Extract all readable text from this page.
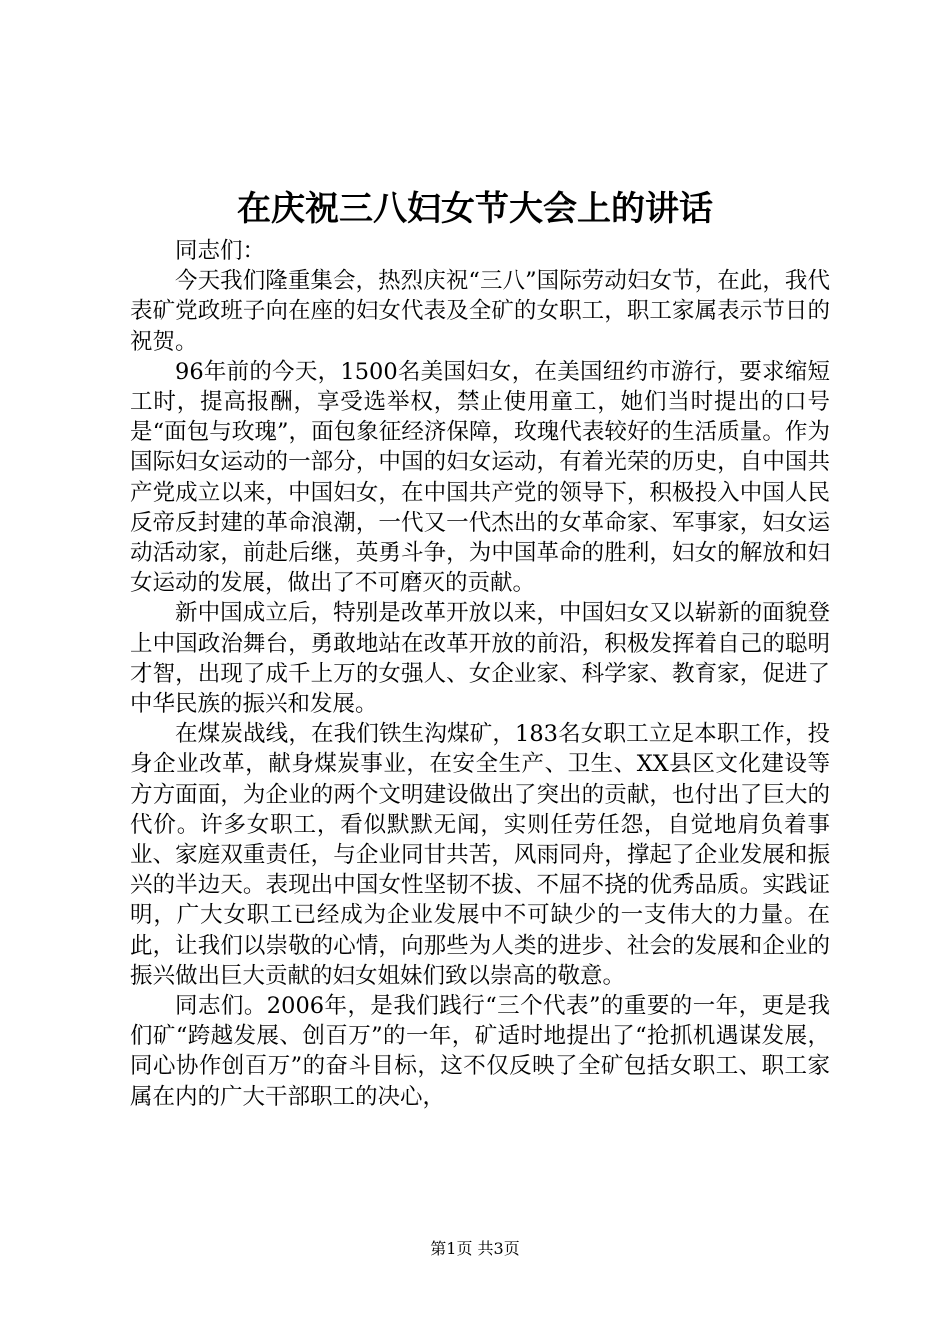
在庆祝三八妇女节大会上的讲话

同志们：

今天我们隆重集会，热烈庆祝“三八”国际劳动妇女节，在此，我代表矿党政班子向在座的妇女代表及全矿的女职工，职工家属表示节日的祝贺。

96年前的今天，1500名美国妇女，在美国纽约市游行，要求缩短工时，提高报酬，享受选举权，禁止使用童工，她们当时提出的口号是“面包与玫瑰”，面包象征经济保障，玫瑰代表较好的生活质量。作为国际妇女运动的一部分，中国的妇女运动，有着光荣的历史，自中国共产党成立以来，中国妇女，在中国共产党的领导下，积极投入中国人民反帝反封建的革命浪潮，一代又一代杰出的女革命家、军事家，妇女运动活动家，前赴后继，英勇斗争，为中国革命的胜利，妇女的解放和妇女运动的发展，做出了不可磨灭的贡献。

新中国成立后，特别是改革开放以来，中国妇女又以崭新的面貌登上中国政治舞台，勇敢地站在改革开放的前沿，积极发挥着自己的聪明才智，出现了成千上万的女强人、女企业家、科学家、教育家，促进了中华民族的振兴和发展。

在煤炭战线，在我们铁生沟煤矿，183名女职工立足本职工作，投身企业改革，献身煤炭事业，在安全生产、卫生、XX县区文化建设等方方面面，为企业的两个文明建设做出了突出的贡献，也付出了巨大的代价。许多女职工，看似默默无闻，实则任劳任怨，自觉地肩负着事业、家庭双重责任，与企业同甘共苦，风雨同舟，撑起了企业发展和振兴的半边天。表现出中国女性坚韧不拔、不屈不挠的优秀品质。实践证明，广大女职工已经成为企业发展中不可缺少的一支伟大的力量。在此，让我们以崇敬的心情，向那些为人类的进步、社会的发展和企业的振兴做出巨大贡献的妇女姐妹们致以崇高的敬意。

同志们。2006年，是我们践行“三个代表”的重要的一年，更是我们矿“跨越发展、创百万”的一年，矿适时地提出了“抢抓机遇谋发展，同心协作创百万”的奋斗目标，这不仅反映了全矿包括女职工、职工家属在内的广大干部职工的决心，

第1页 共3页
